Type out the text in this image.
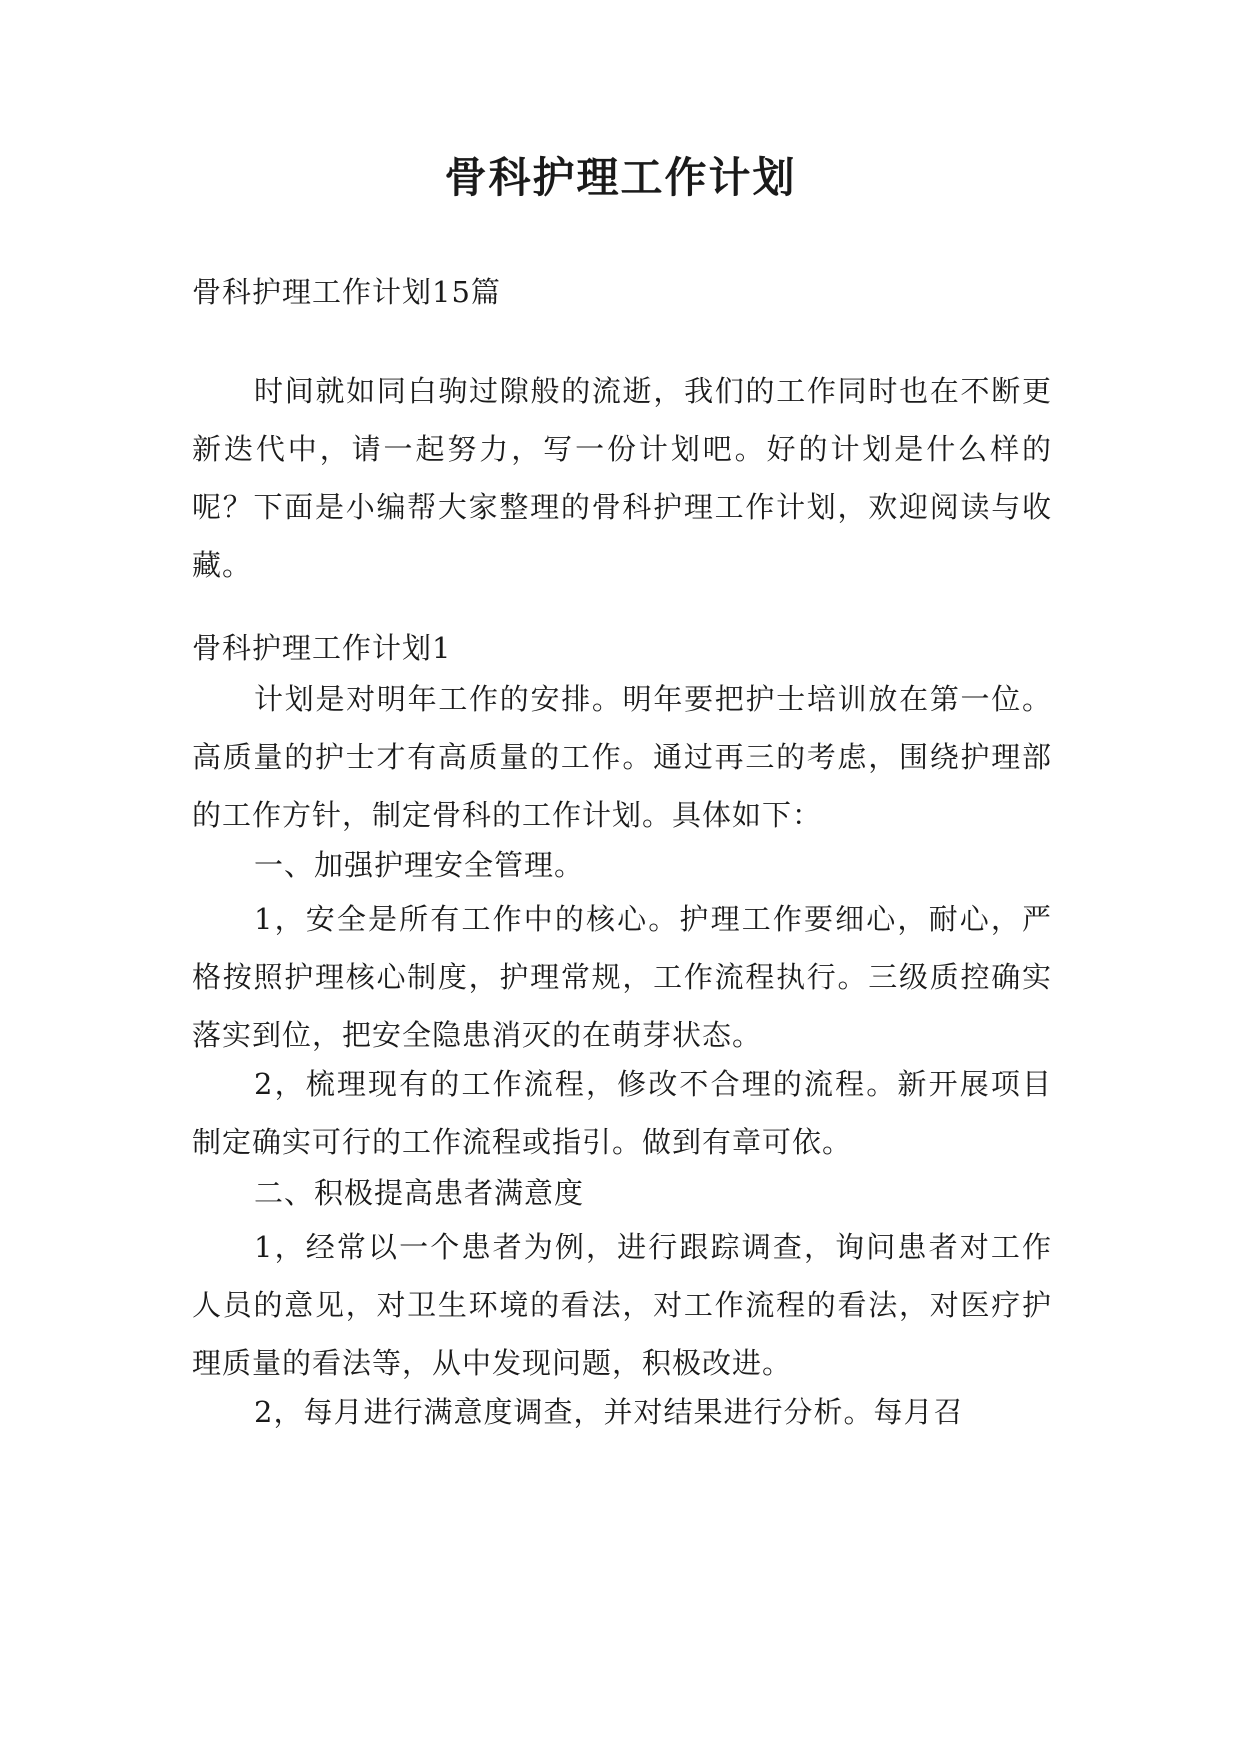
骨科护理工作计划

骨科护理工作计划15篇

时间就如同白驹过隙般的流逝，我们的工作同时也在不断更新迭代中，请一起努力，写一份计划吧。好的计划是什么样的呢？下面是小编帮大家整理的骨科护理工作计划，欢迎阅读与收藏。

骨科护理工作计划1

计划是对明年工作的安排。明年要把护士培训放在第一位。高质量的护士才有高质量的工作。通过再三的考虑，围绕护理部的工作方针，制定骨科的工作计划。具体如下：

一、加强护理安全管理。

1，安全是所有工作中的核心。护理工作要细心，耐心，严格按照护理核心制度，护理常规，工作流程执行。三级质控确实落实到位，把安全隐患消灭的在萌芽状态。

2，梳理现有的工作流程，修改不合理的流程。新开展项目制定确实可行的工作流程或指引。做到有章可依。

二、积极提高患者满意度

1，经常以一个患者为例，进行跟踪调查，询问患者对工作人员的意见，对卫生环境的看法，对工作流程的看法，对医疗护理质量的看法等，从中发现问题，积极改进。

2，每月进行满意度调查，并对结果进行分析。每月召
